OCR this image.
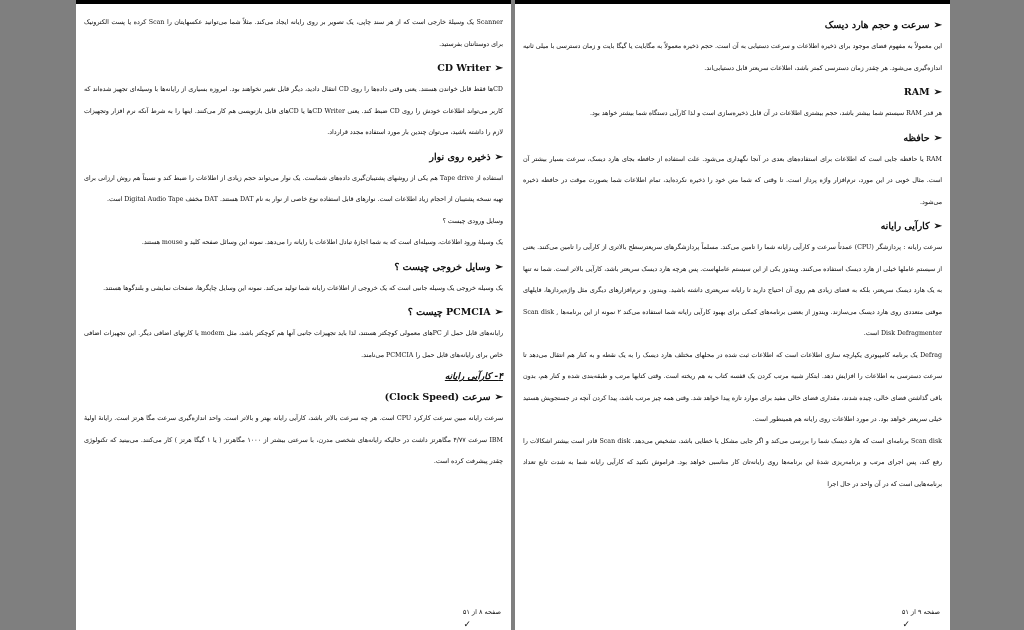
Scanner یک وسیلهٔ خارجی است که از هر سند چاپی، یک تصویر بر روی رایانه ایجاد می‌کند. مثلاً شما می‌توانید عکسهایتان را Scan کرده یا پست الکترونیک برای دوستانتان بفرستید.

➢CD Writer

CDها فقط قابل خواندن هستند. یعنی وقتی داده‌ها را روی CD انتقال دادید، دیگر قابل تغییر نخواهند بود. امروزه بسیاری از رایانه‌ها با وسیله‌ای تجهیز شده‌اند که کاربر می‌تواند اطلاعات خودش را روی CD ضبط کند. یعنی CD Writerها یا CDهای قابل بازنویسی هم کار می‌کنند. اینها را به شرط آنکه نرم افزار وتجهیزات لازم را داشته باشید، می‌توان چندین بار مورد استفاده مجدد قرارداد.

➢ذخیره روی نوار

استفاده از Tape drive هم یکی از روشهای پشتیبان‌گیری داده‌های شماست. یک نوار می‌تواند حجم زیادی از اطلاعات را ضبط کند و نسبتاً هم روش ارزانی برای تهیه نسخه پشتیبان از احجام زیاد اطلاعات است. نوارهای قابل استفاده نوع خاصی از نوار به نام DAT هستند. DAT مخفف Digital Audio Tape است.

وسایل ورودی چیست ؟

یک وسیلهٔ ورود اطلاعات، وسیله‌ای است که به شما اجازهٔ تبادل اطلاعات با رایانه را می‌دهد. نمونه این وسائل صفحه کلید و mouse هستند.

➢وسایل خروجی چیست ؟

یک وسیله خروجی یک وسیله جانبی است که یک خروجی از اطلاعات رایانه شما تولید می‌کند. نمونه این وسایل چاپگرها، صفحات نمایشی و بلندگوها هستند.

➢PCMCIA چیست ؟

رایانه‌های قابل حمل از PCهای معمولی کوچکتر هستند، لذا باید تجهیزات جانبی آنها هم کوچکتر باشد، مثل modem یا کارتهای اضافی دیگر. این تجهیزات اضافی خاص برای رایانه‌های قابل حمل را PCMCIA می‌نامند.

۴- کارآیی رایانه
➢سرعت (Clock Speed)

سرعت رایانه مبین سرعت کارکرد CPU است. هر چه سرعت بالاتر باشد، کارآیی رایانه بهتر و بالاتر است. واحد اندازه‌گیری سرعت مگا هرتز است. رایانهٔ اولیهٔ IBM سرعت ۴/۷۷ مگاهرتز داشت در حالیکه رایانه‌های شخصی مدرن، با سرعتی بیشتر از ۱۰۰۰ مگاهرتز ( یا ۱ گیگا هرتز ) کار می‌کنند. می‌بینید که تکنولوژی چقدر پیشرفت کرده است.

صفحه ۸ از ۵۱
✓
➢سرعت و حجم هارد دیسک

این معمولاً به مفهوم فضای موجود برای ذخیره اطلاعات و سرعت دستیابی به آن است. حجم ذخیره معمولاً به مگابایت یا گیگا بایت و زمان دسترسی با میلی ثانیه اندازه‌گیری می‌شود. هر چقدر زمان دسترسی کمتر باشد، اطلاعات سریعتر قابل دستیابی‌اند.

➢RAM

هر قدر RAM سیستم شما بیشتر باشد، حجم بیشتری اطلاعات در آن قابل ذخیره‌سازی است و لذا کارآیی دستگاه شما بیشتر خواهد بود.

➢حافظه

RAM یا حافظه جایی است که اطلاعات برای استفاده‌های بعدی در آنجا نگهداری می‌شود. علت استفاده از حافظه بجای هارد دیسک، سرعت بسیار بیشتر آن است. مثال خوبی در این مورد، نرم‌افزار واژه پرداز است. تا وقتی که شما متن خود را ذخیره نکرده‌اید، تمام اطلاعات شما بصورت موقت در حافظه ذخیره می‌شود.

➢کارآیی رایانه

سرعت رایانه : پردازشگر (CPU) عمدتاً سرعت و کارآیی رایانه شما را تامین می‌کند. مسلماً پردازشگرهای سریعترسطح بالاتری از کارآیی را تامین می‌کنند. یعنی از سیستم عاملها خیلی از هارد دیسک استفاده می‌کنند. ویندوز یکی از این سیستم عاملهاست. پس هرچه هارد دیسک سریعتر باشد، کارآیی بالاتر است. شما نه تنها به یک هارد دیسک سریعتر، بلکه به فضای زیادی هم روی آن احتیاج دارید تا رایانه سریعتری داشته باشید. ویندوز، و نرم‌افزارهای دیگری مثل واژه‌پردازها، فایلهای موقتی متعددی روی هارد دیسک می‌سازند. ویندوز از بعضی برنامه‌های کمکی برای بهبود کارآیی رایانه شما استفاده می‌کند ۲ نمونه از این برنامه‌ها Scan disk , Disk Defragmenter است.

Defrag یک برنامه کامپیوتری یکپارچه سازی اطلاعات است که اطلاعات ثبت شده در محلهای مختلف هارد دیسک را به یک نقطه و به کنار هم انتقال می‌دهد تا سرعت دسترسی به اطلاعات را افزایش دهد. ابتکار شبیه مرتب کردن یک قفسه کتاب به هم ریخته است. وقتی کتابها مرتب و طبقه‌بندی شده و کنار هم، بدون باقی گذاشتن فضای خالی، چیده شدند، مقداری فضای خالی مفید برای موارد تازه پیدا خواهد شد. وقتی همه چیز مرتب باشد، پیدا کردن آنچه در جستجویش هستید خیلی سریعتر خواهد بود. در مورد اطلاعات روی رایانه هم همینطور است.

Scan disk برنامه‌ای است که هارد دیسک شما را بررسی می‌کند و اگر جایی مشکل یا خطایی باشد، تشخیص می‌دهد. Scan disk قادر است بیشتر اشکالات را رفع کند، پس اجرای مرتب و برنامه‌ریزی شدهٔ این برنامه‌ها روی رایانه‌تان کار مناسبی خواهد بود. فراموش نکنید که کارآیی رایانه شما به شدت تابع تعداد برنامه‌هایی است که در آن واحد در حال اجرا

صفحه ۹ از ۵۱
✓
